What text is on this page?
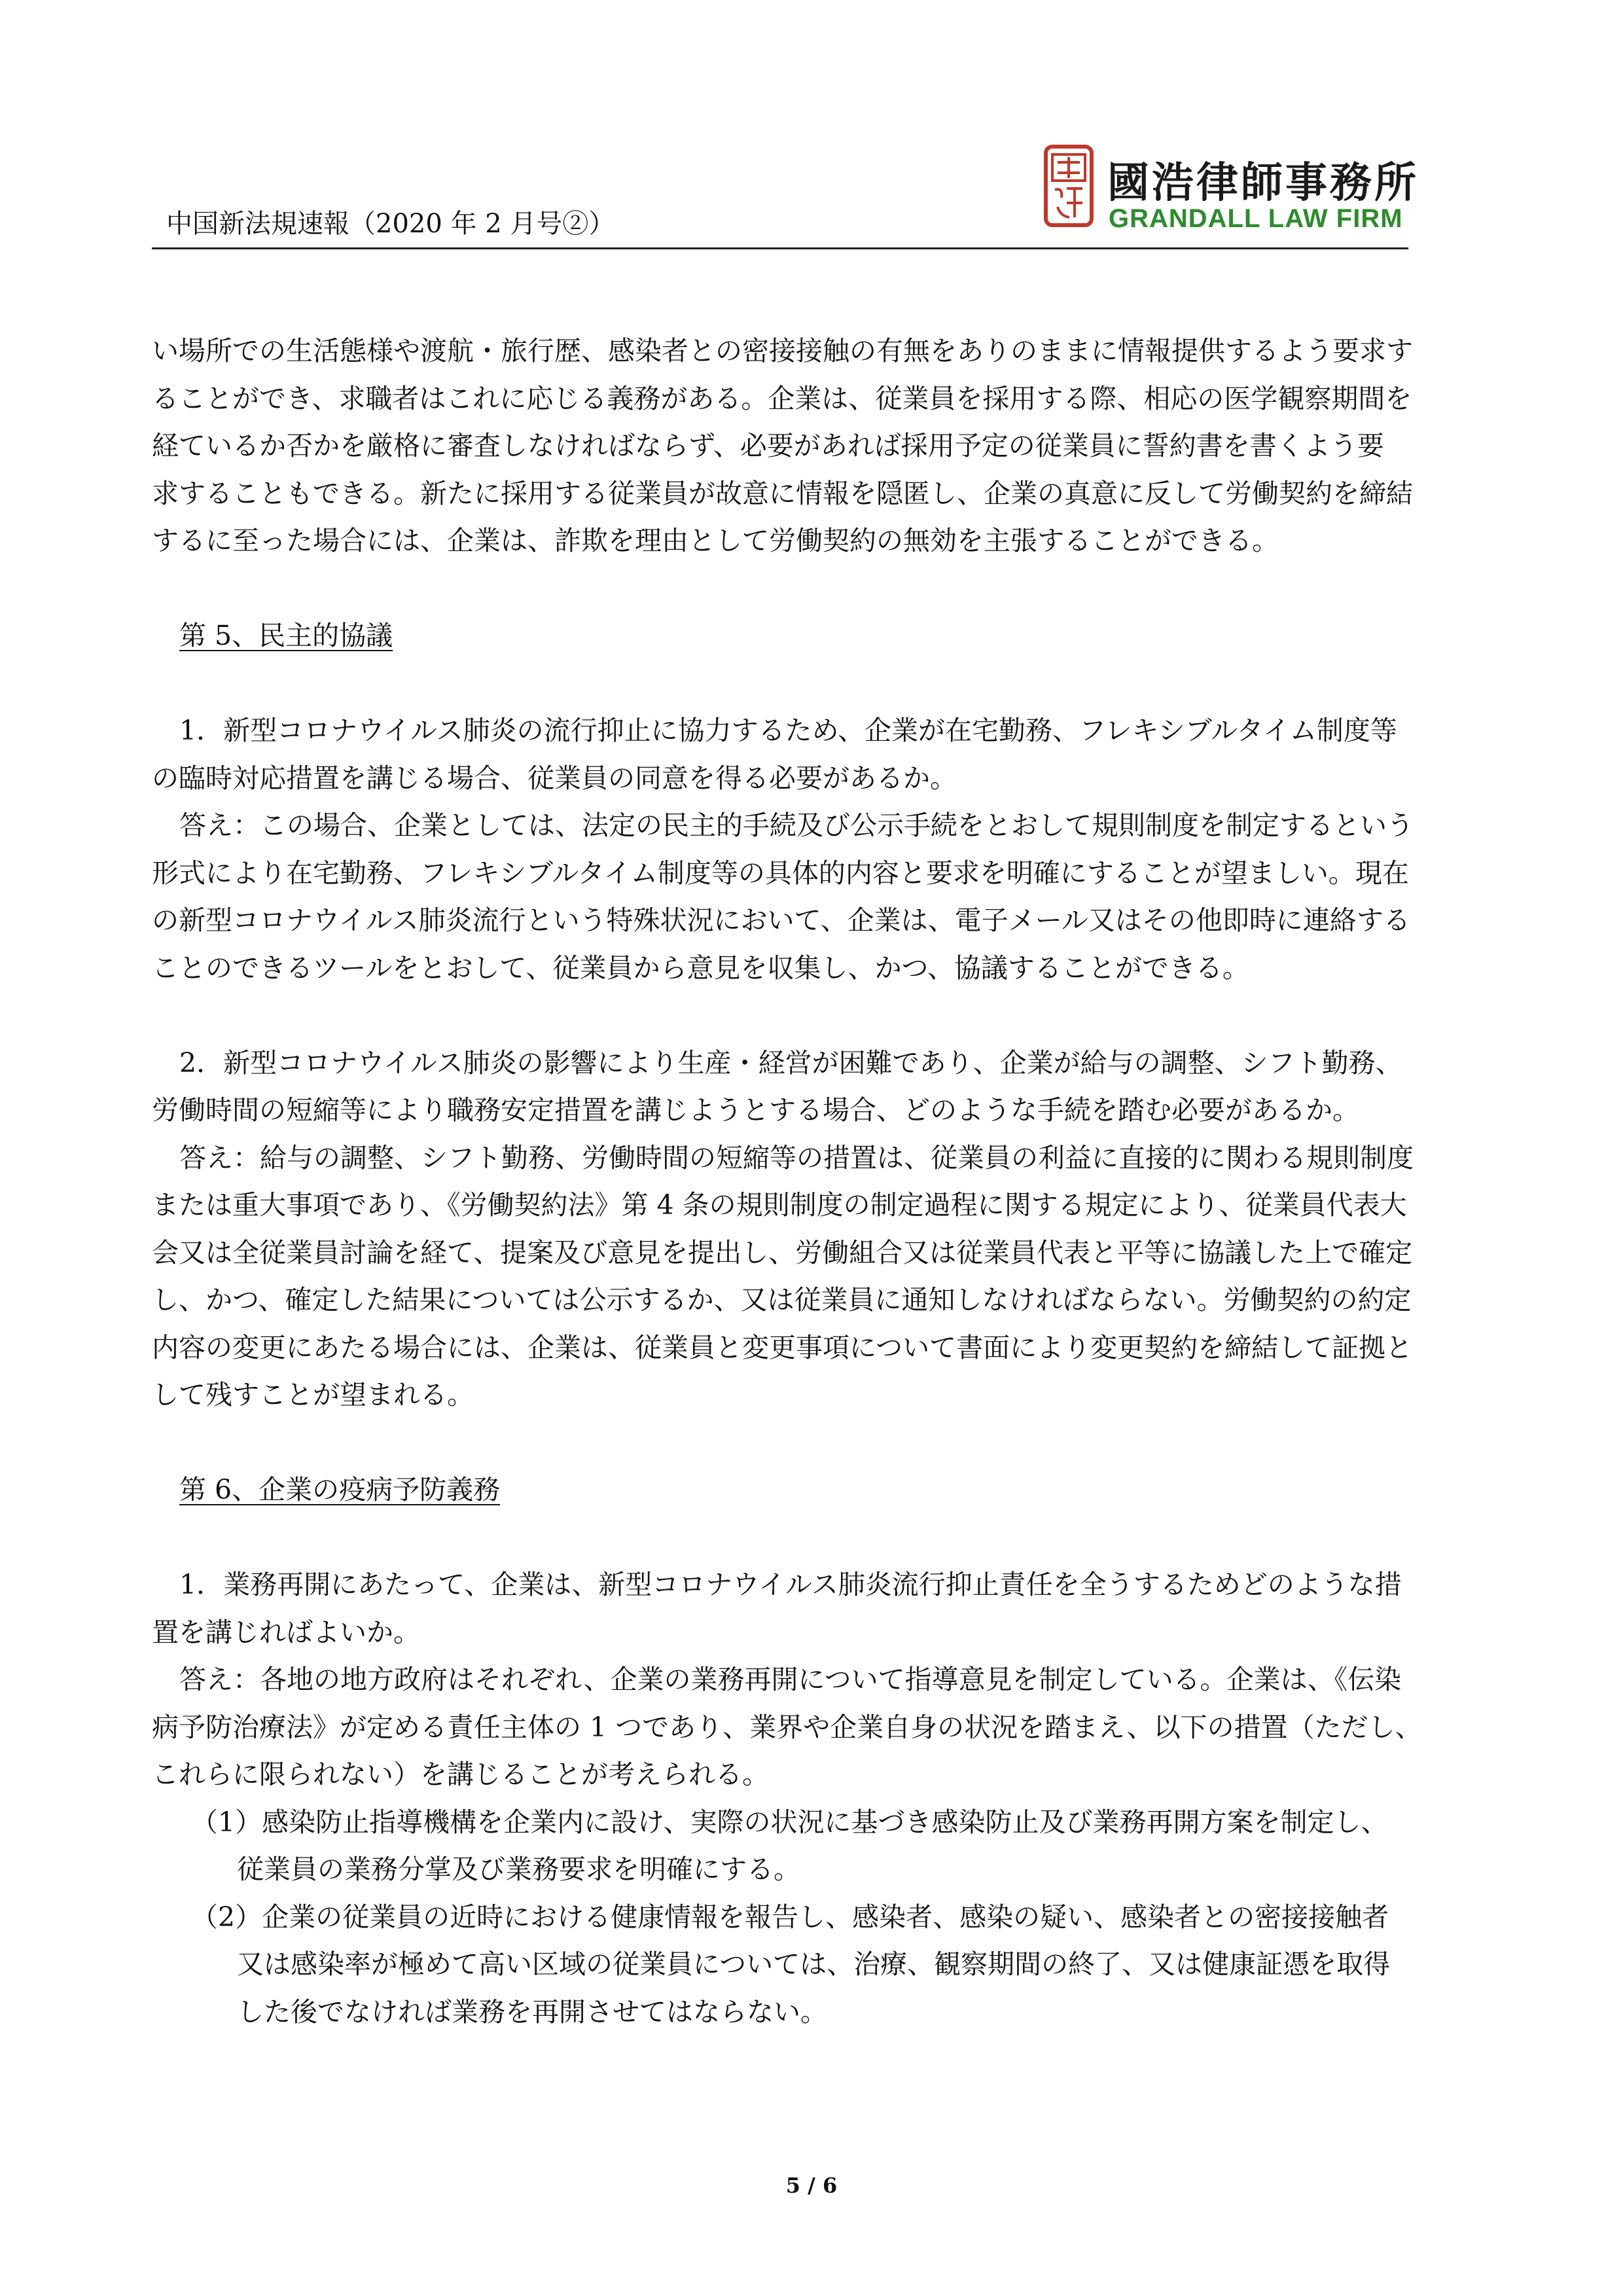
中国新法規速報（2020 年 2 月号②）
國浩律師事務所
GRANDALL LAW FIRM

い場所での生活態様や渡航・旅行歴、感染者との密接接触の有無をありのままに情報提供するよう要求す

ることができ、求職者はこれに応じる義務がある。企業は、従業員を採用する際、相応の医学観察期間を

経ているか否かを厳格に審査しなければならず、必要があれば採用予定の従業員に誓約書を書くよう要

求することもできる。新たに採用する従業員が故意に情報を隠匿し、企業の真意に反して労働契約を締結

するに至った場合には、企業は、詐欺を理由として労働契約の無効を主張することができる。

第 5、民主的協議

1．新型コロナウイルス肺炎の流行抑止に協力するため、企業が在宅勤務、フレキシブルタイム制度等

の臨時対応措置を講じる場合、従業員の同意を得る必要があるか。

答え：この場合、企業としては、法定の民主的手続及び公示手続をとおして規則制度を制定するという

形式により在宅勤務、フレキシブルタイム制度等の具体的内容と要求を明確にすることが望ましい。現在

の新型コロナウイルス肺炎流行という特殊状況において、企業は、電子メール又はその他即時に連絡する

ことのできるツールをとおして、従業員から意見を収集し、かつ、協議することができる。

2．新型コロナウイルス肺炎の影響により生産・経営が困難であり、企業が給与の調整、シフト勤務、

労働時間の短縮等により職務安定措置を講じようとする場合、どのような手続を踏む必要があるか。

答え：給与の調整、シフト勤務、労働時間の短縮等の措置は、従業員の利益に直接的に関わる規則制度

または重大事項であり、《労働契約法》第 4 条の規則制度の制定過程に関する規定により、従業員代表大

会又は全従業員討論を経て、提案及び意見を提出し、労働組合又は従業員代表と平等に協議した上で確定

し、かつ、確定した結果については公示するか、又は従業員に通知しなければならない。労働契約の約定

内容の変更にあたる場合には、企業は、従業員と変更事項について書面により変更契約を締結して証拠と

して残すことが望まれる。

第 6、企業の疫病予防義務

1．業務再開にあたって、企業は、新型コロナウイルス肺炎流行抑止責任を全うするためどのような措

置を講じればよいか。

答え：各地の地方政府はそれぞれ、企業の業務再開について指導意見を制定している。企業は、《伝染

病予防治療法》が定める責任主体の 1 つであり、業界や企業自身の状況を踏まえ、以下の措置（ただし、

これらに限られない）を講じることが考えられる。

（1）感染防止指導機構を企業内に設け、実際の状況に基づき感染防止及び業務再開方案を制定し、

従業員の業務分掌及び業務要求を明確にする。

（2）企業の従業員の近時における健康情報を報告し、感染者、感染の疑い、感染者との密接接触者

又は感染率が極めて高い区域の従業員については、治療、観察期間の終了、又は健康証憑を取得

した後でなければ業務を再開させてはならない。

5 / 6
